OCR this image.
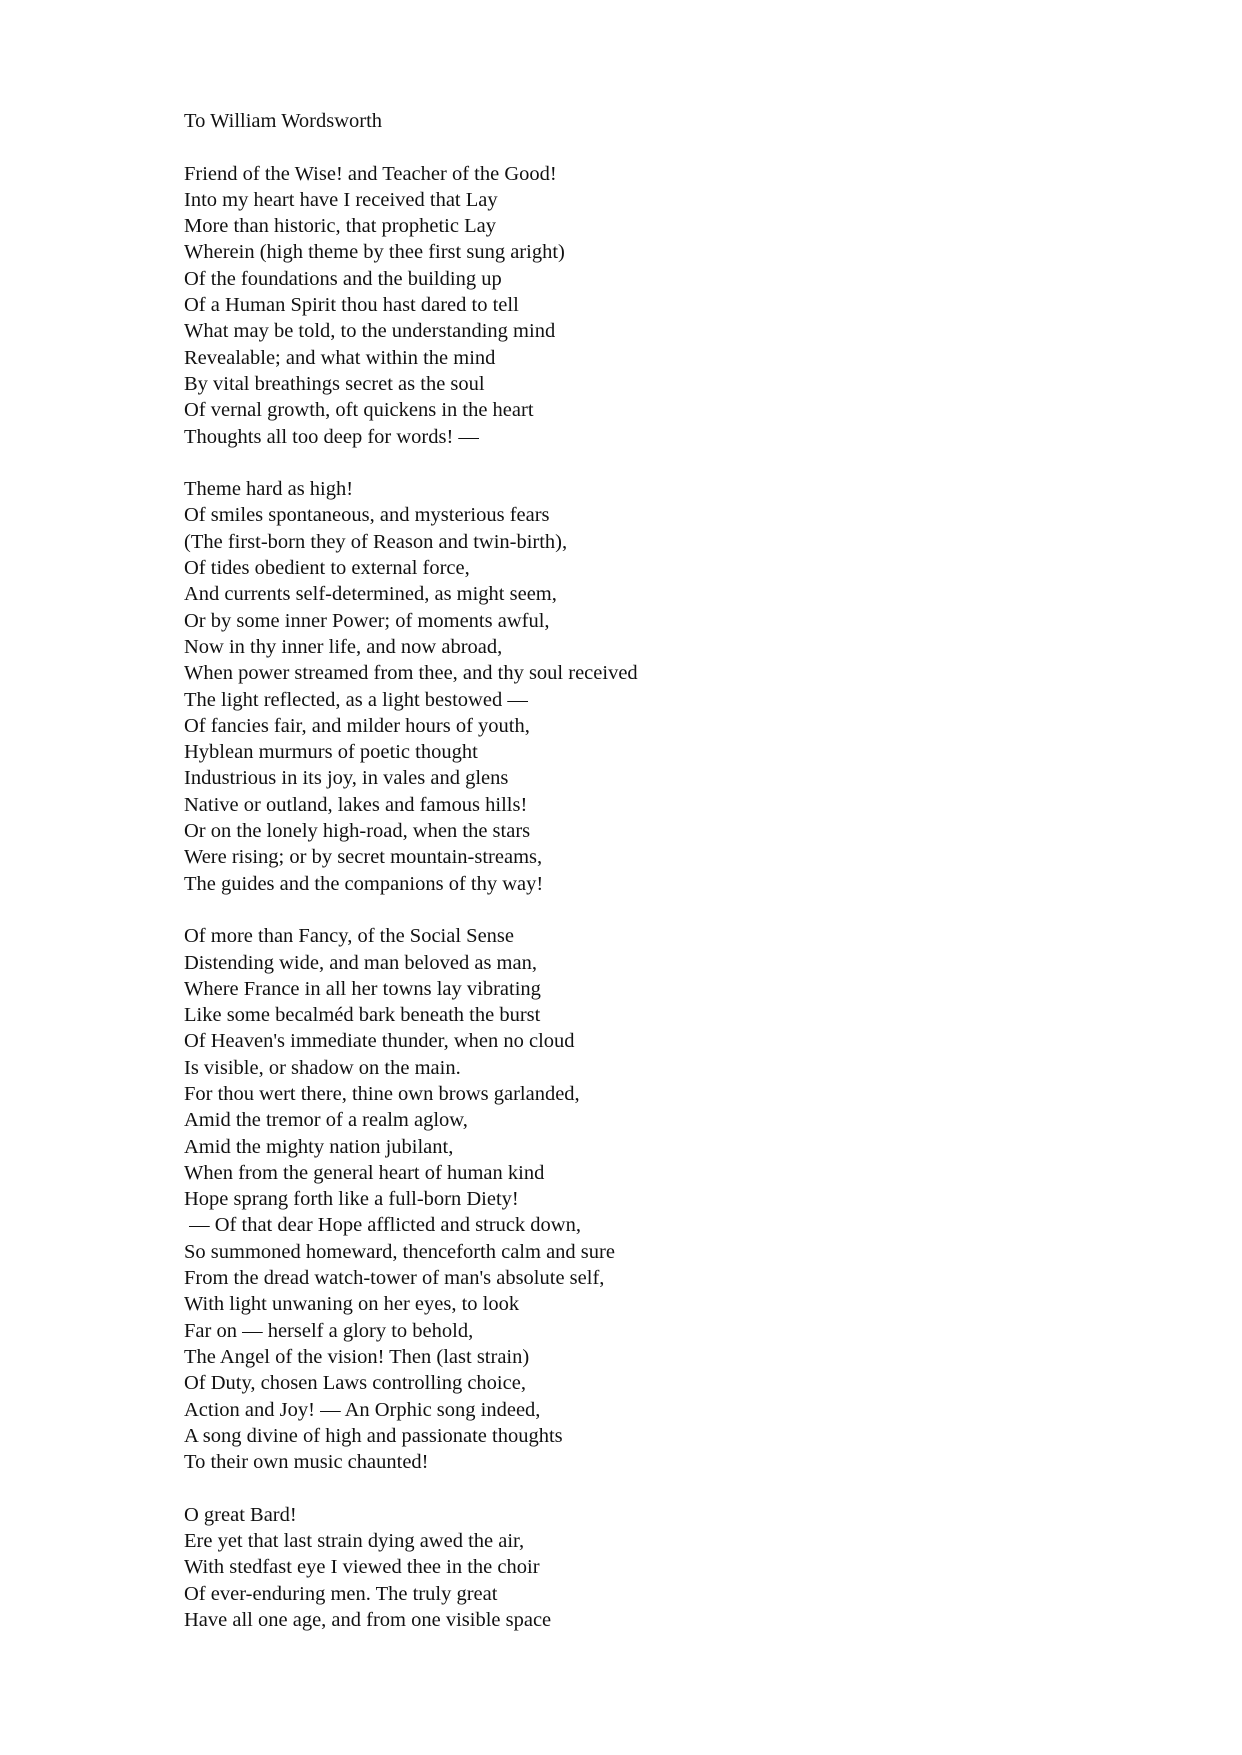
To William Wordsworth
Friend of the Wise! and Teacher of the Good!
Into my heart have I received that Lay
More than historic, that prophetic Lay
Wherein (high theme by thee first sung aright)
Of the foundations and the building up
Of a Human Spirit thou hast dared to tell
What may be told, to the understanding mind
Revealable; and what within the mind
By vital breathings secret as the soul
Of vernal growth, oft quickens in the heart
Thoughts all too deep for words! —
Theme hard as high!
Of smiles spontaneous, and mysterious fears
(The first-born they of Reason and twin-birth),
Of tides obedient to external force,
And currents self-determined, as might seem,
Or by some inner Power; of moments awful,
Now in thy inner life, and now abroad,
When power streamed from thee, and thy soul received
The light reflected, as a light bestowed —
Of fancies fair, and milder hours of youth,
Hyblean murmurs of poetic thought
Industrious in its joy, in vales and glens
Native or outland, lakes and famous hills!
Or on the lonely high-road, when the stars
Were rising; or by secret mountain-streams,
The guides and the companions of thy way!
Of more than Fancy, of the Social Sense
Distending wide, and man beloved as man,
Where France in all her towns lay vibrating
Like some becalméd bark beneath the burst
Of Heaven's immediate thunder, when no cloud
Is visible, or shadow on the main.
For thou wert there, thine own brows garlanded,
Amid the tremor of a realm aglow,
Amid the mighty nation jubilant,
When from the general heart of human kind
Hope sprang forth like a full-born Diety!
— Of that dear Hope afflicted and struck down,
So summoned homeward, thenceforth calm and sure
From the dread watch-tower of man's absolute self,
With light unwaning on her eyes, to look
Far on — herself a glory to behold,
The Angel of the vision! Then (last strain)
Of Duty, chosen Laws controlling choice,
Action and Joy! — An Orphic song indeed,
A song divine of high and passionate thoughts
To their own music chaunted!
O great Bard!
Ere yet that last strain dying awed the air,
With stedfast eye I viewed thee in the choir
Of ever-enduring men. The truly great
Have all one age, and from one visible space
